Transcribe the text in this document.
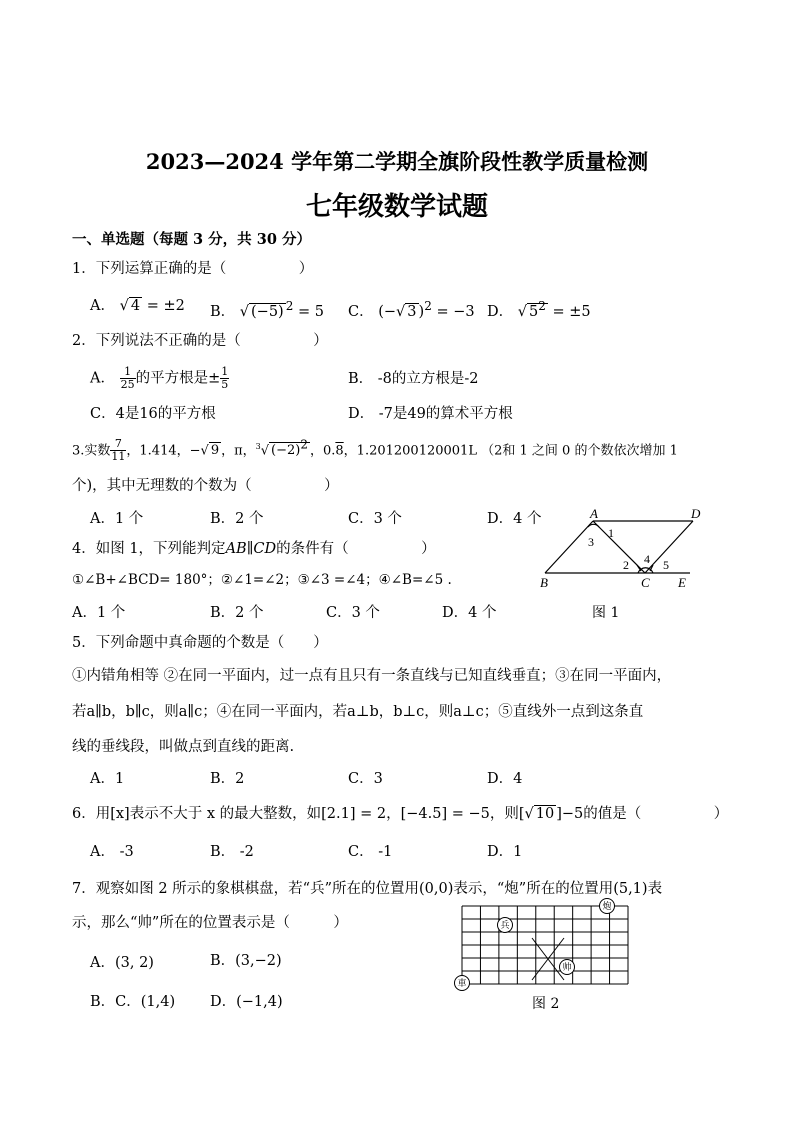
2023—2024 学年第二学期全旗阶段性教学质量检测
七年级数学试题
一、单选题（每题 3 分，共 30 分）
1．下列运算正确的是（　　　　　）
A． √ 4 = ±2 B． √ (−5) $^2$ = 5 C． (−√ 3 )$^2$ = −3 D． √ $5^2 = \pm 5$
2．下列说法不正确的是（　　　　　）
A． $\frac{1}{25}$ 的平方根是± $\frac{1}{5}$	B． -8的立方根是-2
C．4是16的平方根	D． -7是49的算术平方根
3.实数 $\frac{7}{11}$ ，1.414，−√ 9 ，π，$^3$√ $(-2)^2$ ，0.8，1.201200120001L （2和 1 之间 0 的个数依次增加 1
个)，其中无理数的个数为（　　　　　）
A．1 个	B．2 个	C．3 个	D．4 个
4．如图 1，下列能判定AB∥CD的条件有（　　　　　）
①∠B+∠BCD= 180°；②∠1=∠2；③∠3 =∠4；④∠B=∠5 .
A．1 个	B．2 个	C．3 个	D．4 个
A	D
B	C E
1
3
2 4 5
图 1
5．下列命题中真命题的个数是（　　）
①内错角相等 ②在同一平面内，过一点有且只有一条直线与已知直线垂直；③在同一平面内，
若a∥b，b∥c，则a∥c；④在同一平面内，若a⊥b，b⊥c，则a⊥c；⑤直线外一点到这条直
线的垂线段，叫做点到直线的距离.
A．1	B．2	C．3	D．4
6．用[x]表示不大于 x 的最大整数，如[2.1] = 2，[−4.5] = −5，则[√ 10 ]−5的值是（　　　　　）
A． -3	B． -2	C． -1	D．1
7．观察如图 2 所示的象棋棋盘，若“兵”所在的位置用(0,0)表示，“炮”所在的位置用(5,1)表
示，那么“帅”所在的位置表示是（　　　）
A．(3, 2)	B．(3,−2)
B．C．(1,4) D．(−1,4)
兵
炮
帅
車
图 2
